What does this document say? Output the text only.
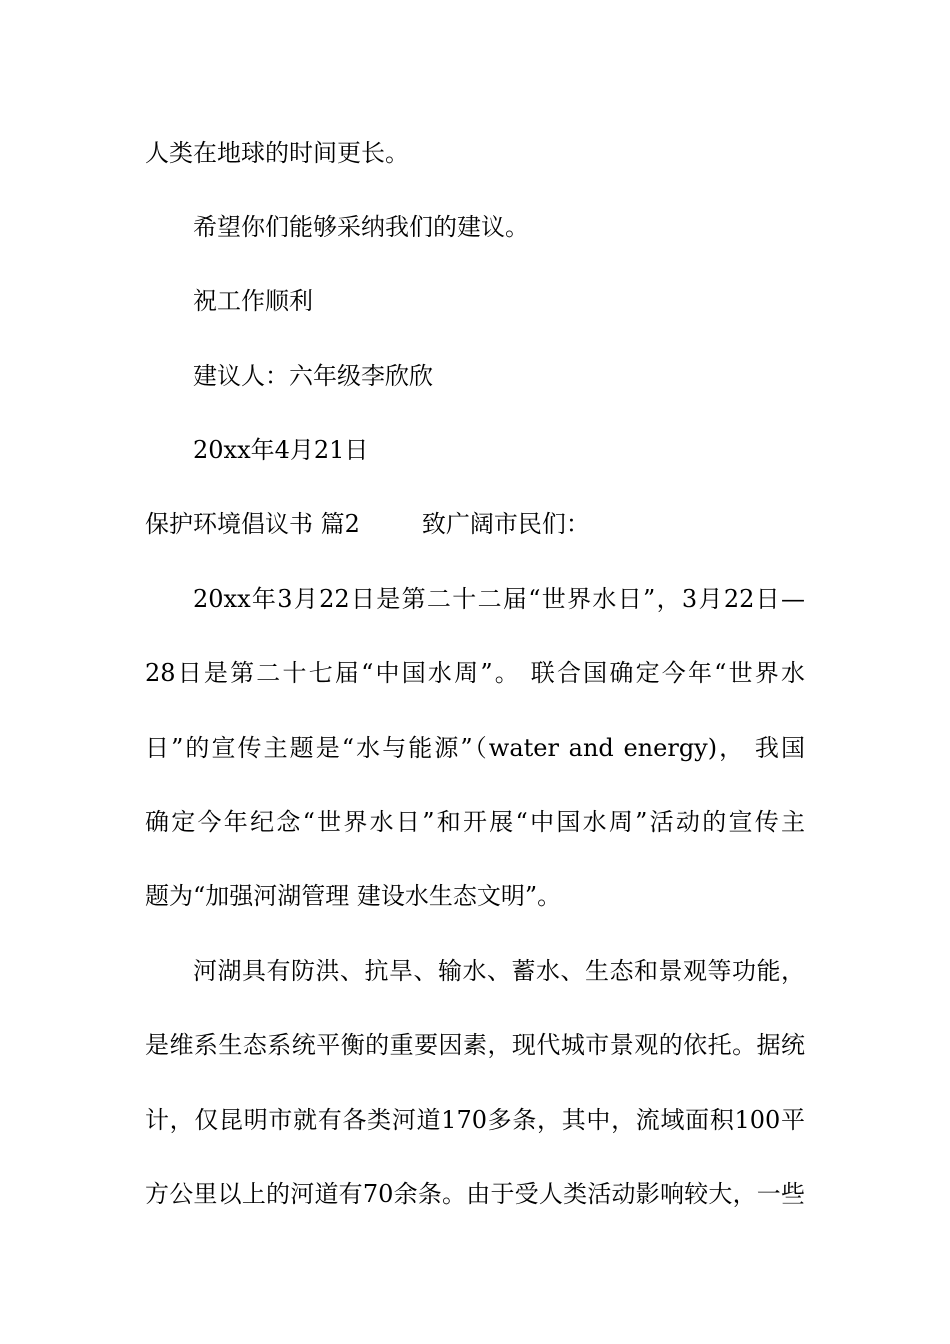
人类在地球的时间更长。
希望你们能够采纳我们的建议。
祝工作顺利
建议人：六年级李欣欣
20xx年4月21日
保护环境倡议书 篇2	致广阔市民们：
20xx年3月22日是第二十二届“世界水日”，3月22日—
28日是第二十七届“中国水周”。 联合国确定今年“世界水
日”的宣传主题是“水与能源”（water and energy)， 我国
确定今年纪念“世界水日”和开展“中国水周”活动的宣传主
题为“加强河湖管理 建设水生态文明”。
河湖具有防洪、抗旱、输水、蓄水、生态和景观等功能，
是维系生态系统平衡的重要因素，现代城市景观的依托。据统
计，仅昆明市就有各类河道170多条，其中，流域面积100平
方公里以上的河道有70余条。由于受人类活动影响较大，一些
